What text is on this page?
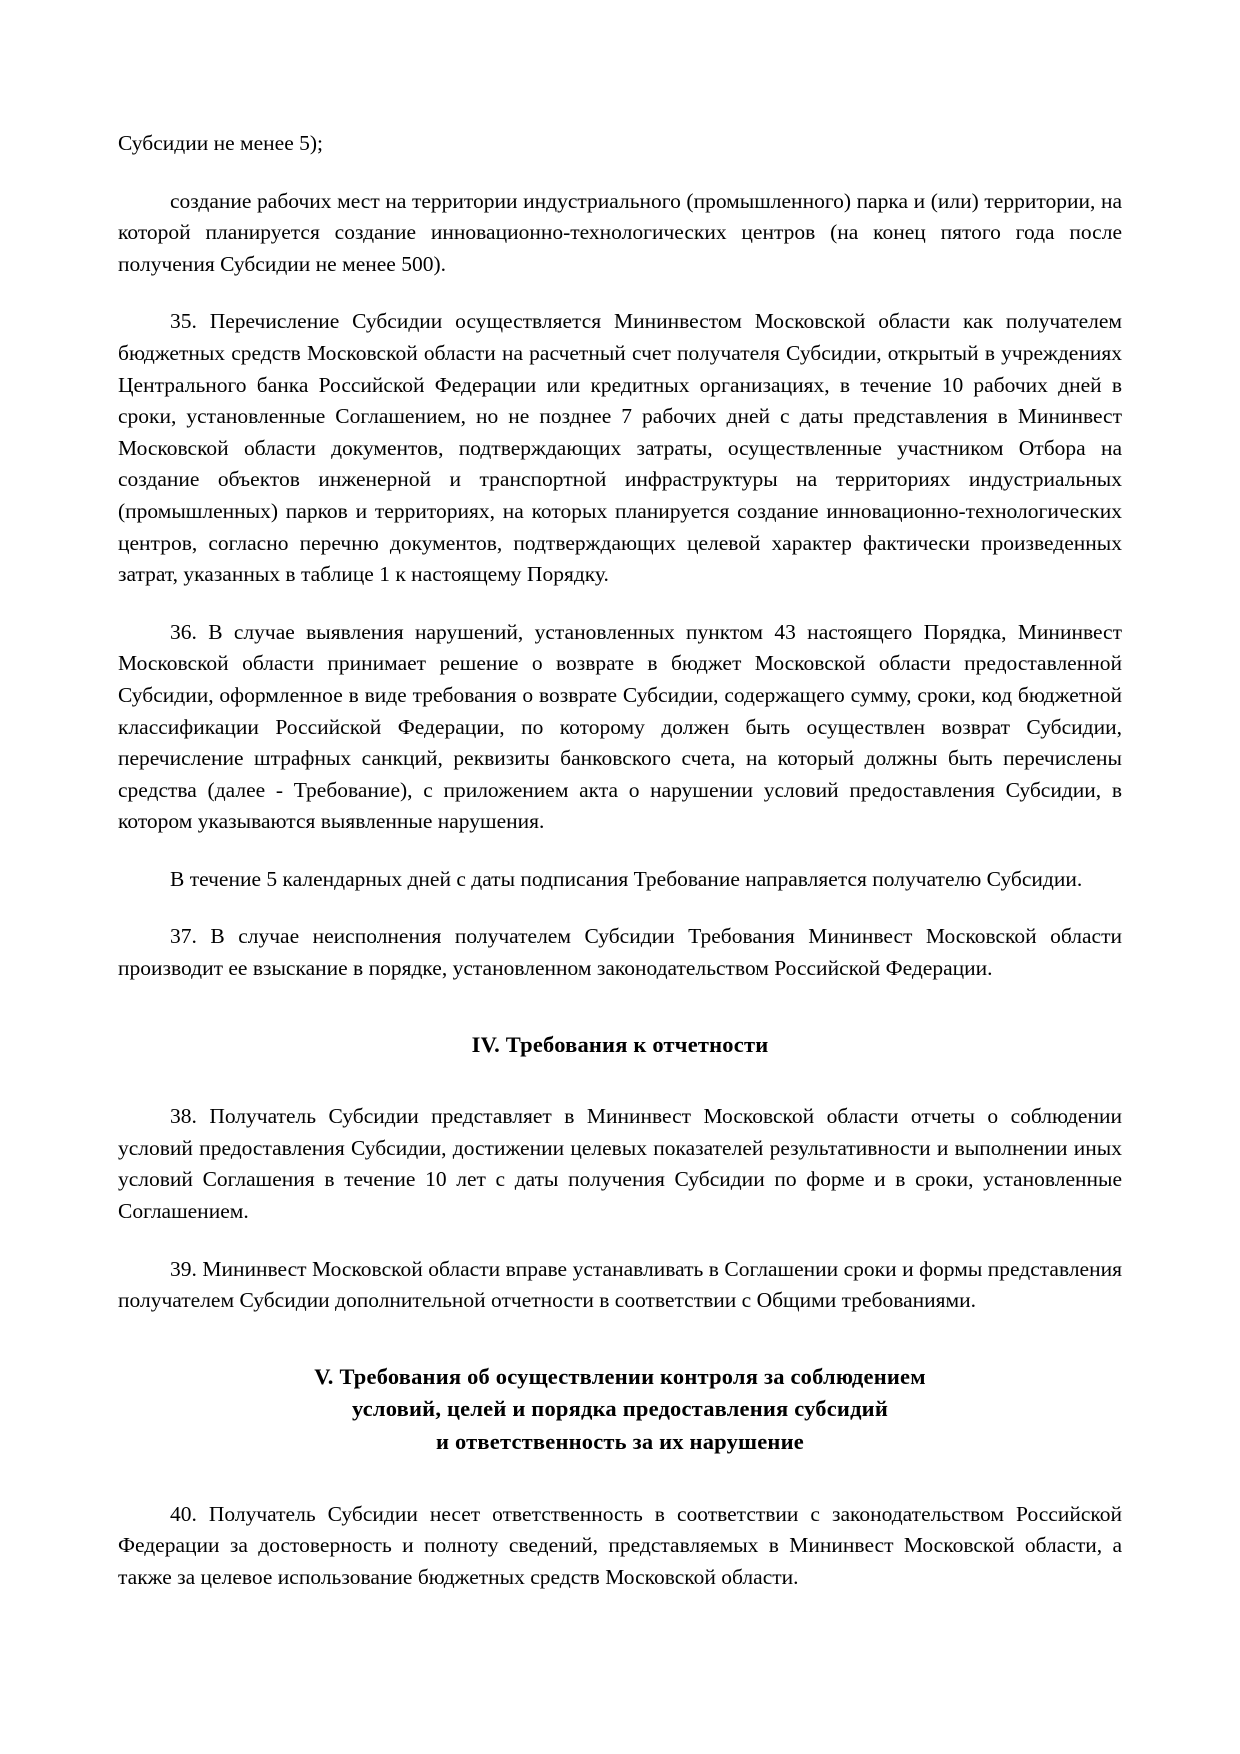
Субсидии не менее 5);

создание рабочих мест на территории индустриального (промышленного) парка и (или) территории, на которой планируется создание инновационно-технологических центров (на конец пятого года после получения Субсидии не менее 500).

35. Перечисление Субсидии осуществляется Мининвестом Московской области как получателем бюджетных средств Московской области на расчетный счет получателя Субсидии, открытый в учреждениях Центрального банка Российской Федерации или кредитных организациях, в течение 10 рабочих дней в сроки, установленные Соглашением, но не позднее 7 рабочих дней с даты представления в Мининвест Московской области документов, подтверждающих затраты, осуществленные участником Отбора на создание объектов инженерной и транспортной инфраструктуры на территориях индустриальных (промышленных) парков и территориях, на которых планируется создание инновационно-технологических центров, согласно перечню документов, подтверждающих целевой характер фактически произведенных затрат, указанных в таблице 1 к настоящему Порядку.

36. В случае выявления нарушений, установленных пунктом 43 настоящего Порядка, Мининвест Московской области принимает решение о возврате в бюджет Московской области предоставленной Субсидии, оформленное в виде требования о возврате Субсидии, содержащего сумму, сроки, код бюджетной классификации Российской Федерации, по которому должен быть осуществлен возврат Субсидии, перечисление штрафных санкций, реквизиты банковского счета, на который должны быть перечислены средства (далее - Требование), с приложением акта о нарушении условий предоставления Субсидии, в котором указываются выявленные нарушения.

В течение 5 календарных дней с даты подписания Требование направляется получателю Субсидии.

37. В случае неисполнения получателем Субсидии Требования Мининвест Московской области производит ее взыскание в порядке, установленном законодательством Российской Федерации.

IV. Требования к отчетности

38. Получатель Субсидии представляет в Мининвест Московской области отчеты о соблюдении условий предоставления Субсидии, достижении целевых показателей результативности и выполнении иных условий Соглашения в течение 10 лет с даты получения Субсидии по форме и в сроки, установленные Соглашением.

39. Мининвест Московской области вправе устанавливать в Соглашении сроки и формы представления получателем Субсидии дополнительной отчетности в соответствии с Общими требованиями.

V. Требования об осуществлении контроля за соблюдением
условий, целей и порядка предоставления субсидий
и ответственность за их нарушение

40. Получатель Субсидии несет ответственность в соответствии с законодательством Российской Федерации за достоверность и полноту сведений, представляемых в Мининвест Московской области, а также за целевое использование бюджетных средств Московской области.
